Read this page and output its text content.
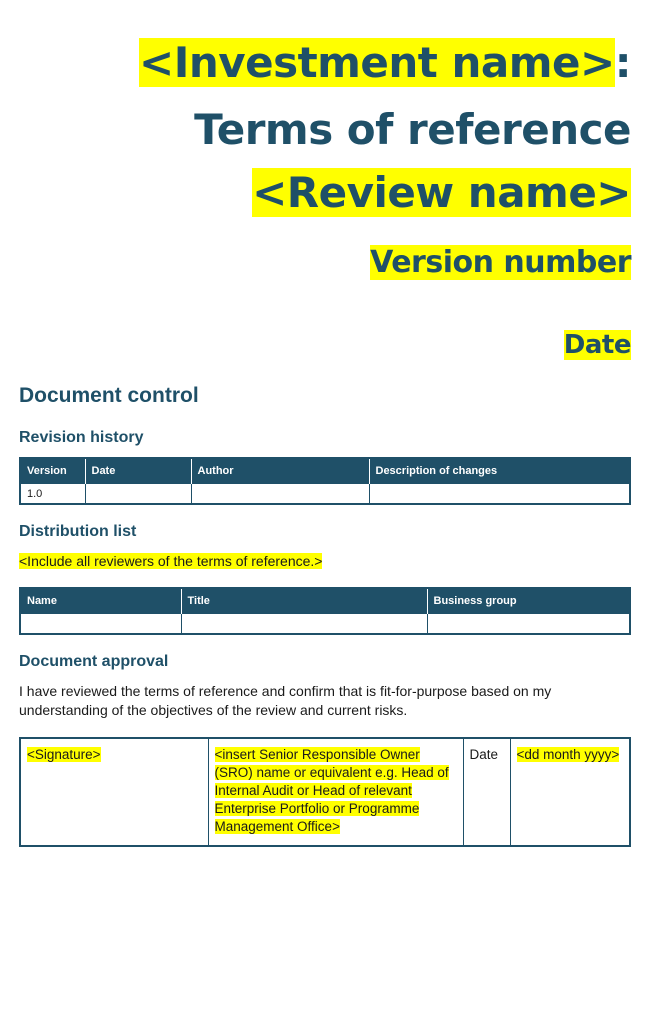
<Investment name>:
Terms of reference
<Review name>
Version number
Date
Document control
Revision history
Version	Date	Author	Description of changes
1.0			
Distribution list
<Include all reviewers of the terms of reference.>
Name	Title	Business group

Document approval
I have reviewed the terms of reference and confirm that is fit-for-purpose based on my understanding of the objectives of the review and current risks.
<Signature>	<insert Senior Responsible Owner (SRO) name or equivalent e.g. Head of Internal Audit or Head of relevant Enterprise Portfolio or Programme Management Office>	Date	<dd month yyyy>
